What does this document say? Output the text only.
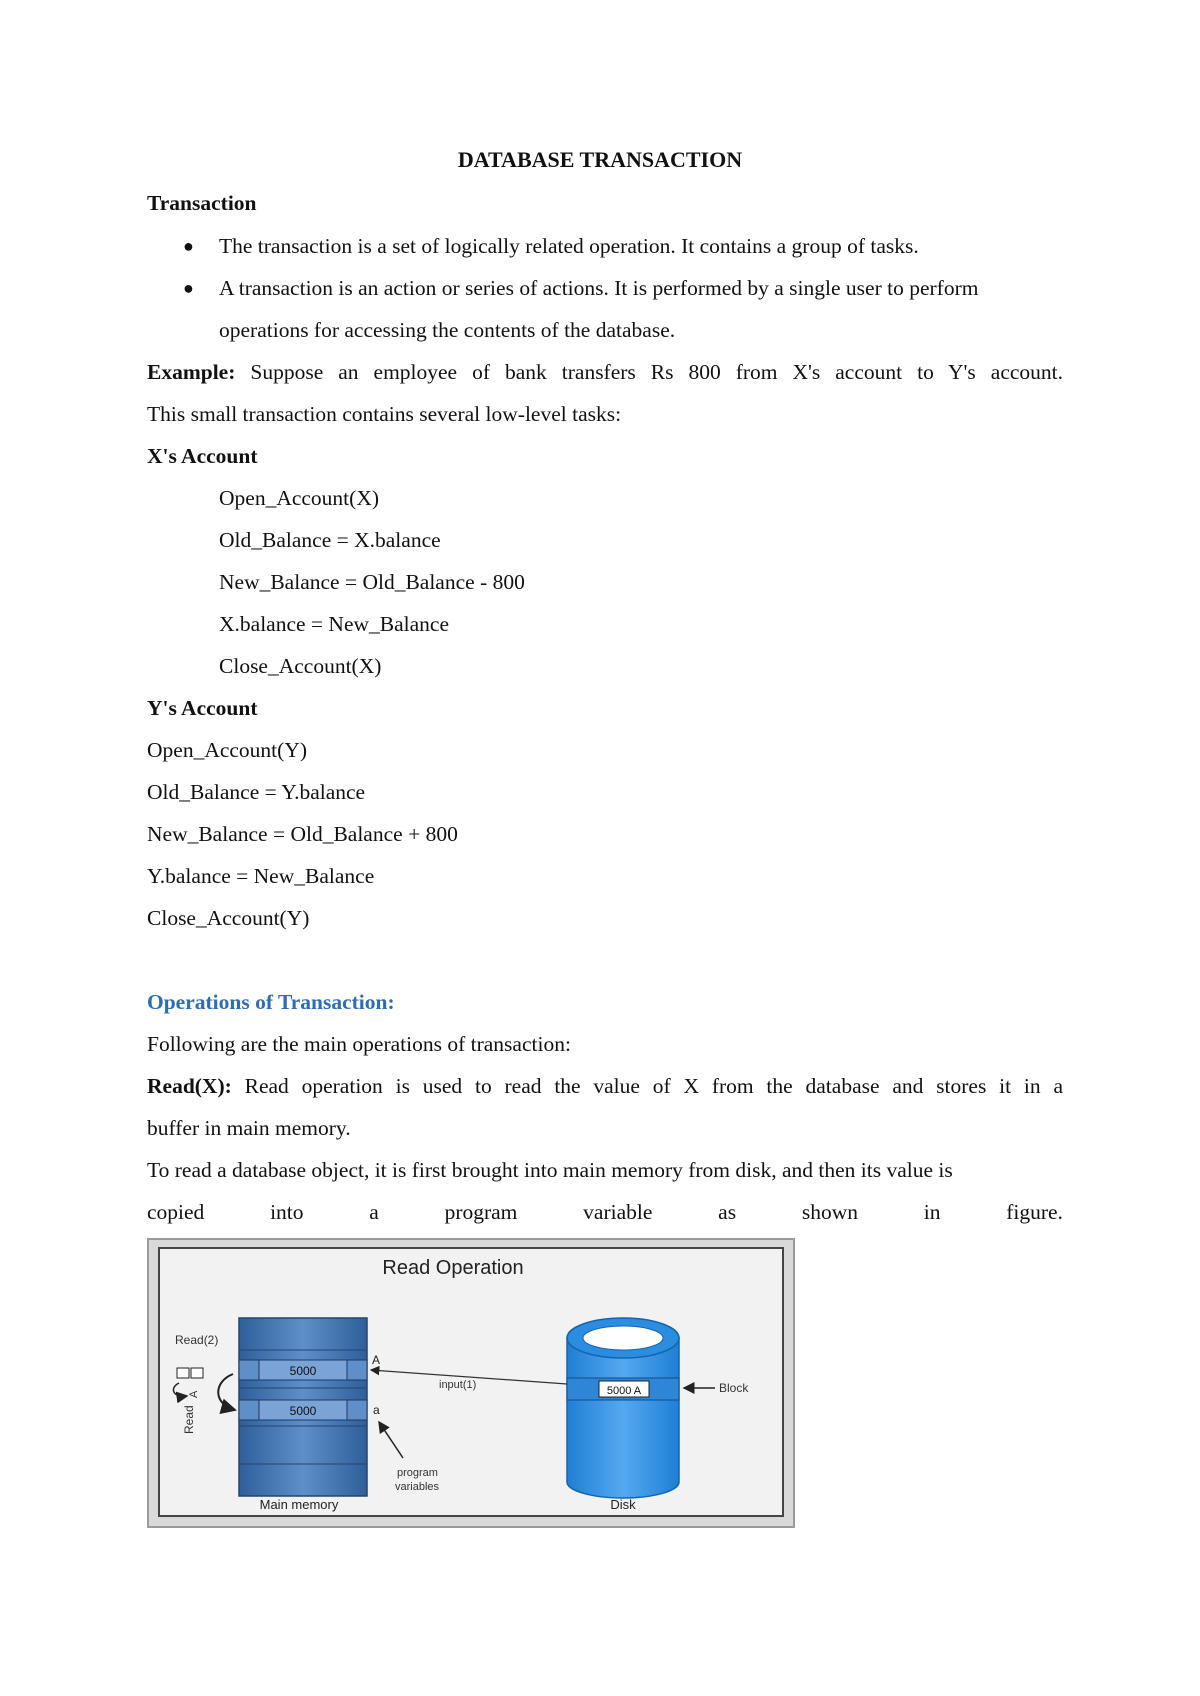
DATABASE TRANSACTION
Transaction
● The transaction is a set of logically related operation. It contains a group of tasks.
● A transaction is an action or series of actions. It is performed by a single user to perform
operations for accessing the contents of the database.
Example: Suppose an employee of bank transfers Rs 800 from X's account to Y's account.
This small transaction contains several low-level tasks:
X's Account
Open_Account(X)
Old_Balance = X.balance
New_Balance = Old_Balance - 800
X.balance = New_Balance
Close_Account(X)
Y's Account
Open_Account(Y)
Old_Balance = Y.balance
New_Balance = Old_Balance + 800
Y.balance = New_Balance
Close_Account(Y)
Operations of Transaction:
Following are the main operations of transaction:
Read(X): Read operation is used to read the value of X from the database and stores it in a
buffer in main memory.
To read a database object, it is first brought into main memory from disk, and then its value is
copied	into	a	program	variable	as	shown	in	figure.
Read Operation
5000
5000
A
a
Read(2)
A
Read
5000 A	Block
input(1)
program
variables
Main memory	Disk
